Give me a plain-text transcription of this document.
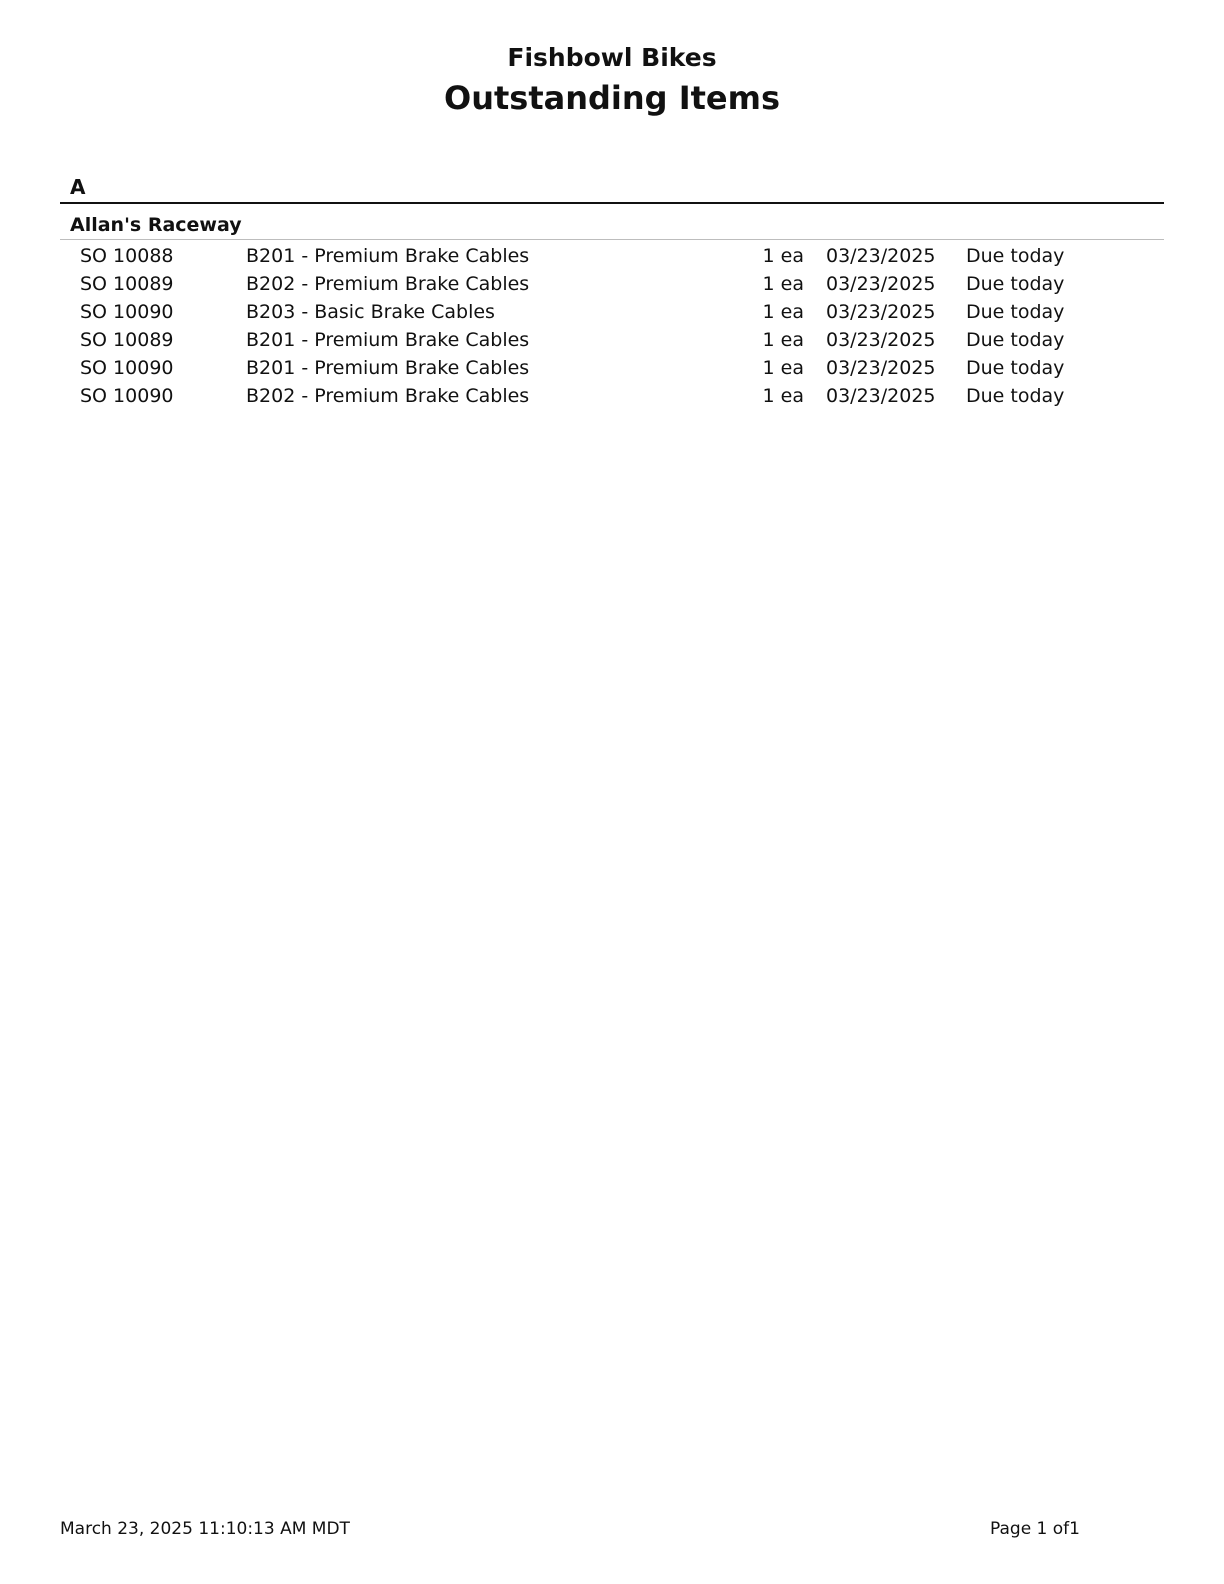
Fishbowl Bikes
Outstanding Items
A
Allan's Raceway
SO 10088	B201 - Premium Brake Cables	1 ea 03/23/2025 Due today
SO 10089	B202 - Premium Brake Cables	1 ea 03/23/2025 Due today
SO 10090	B203 - Basic Brake Cables	1 ea 03/23/2025 Due today
SO 10089	B201 - Premium Brake Cables	1 ea 03/23/2025 Due today
SO 10090	B201 - Premium Brake Cables	1 ea 03/23/2025 Due today
SO 10090	B202 - Premium Brake Cables	1 ea 03/23/2025 Due today
March 23, 2025 11:10:13 AM MDT	Page 1 of1
